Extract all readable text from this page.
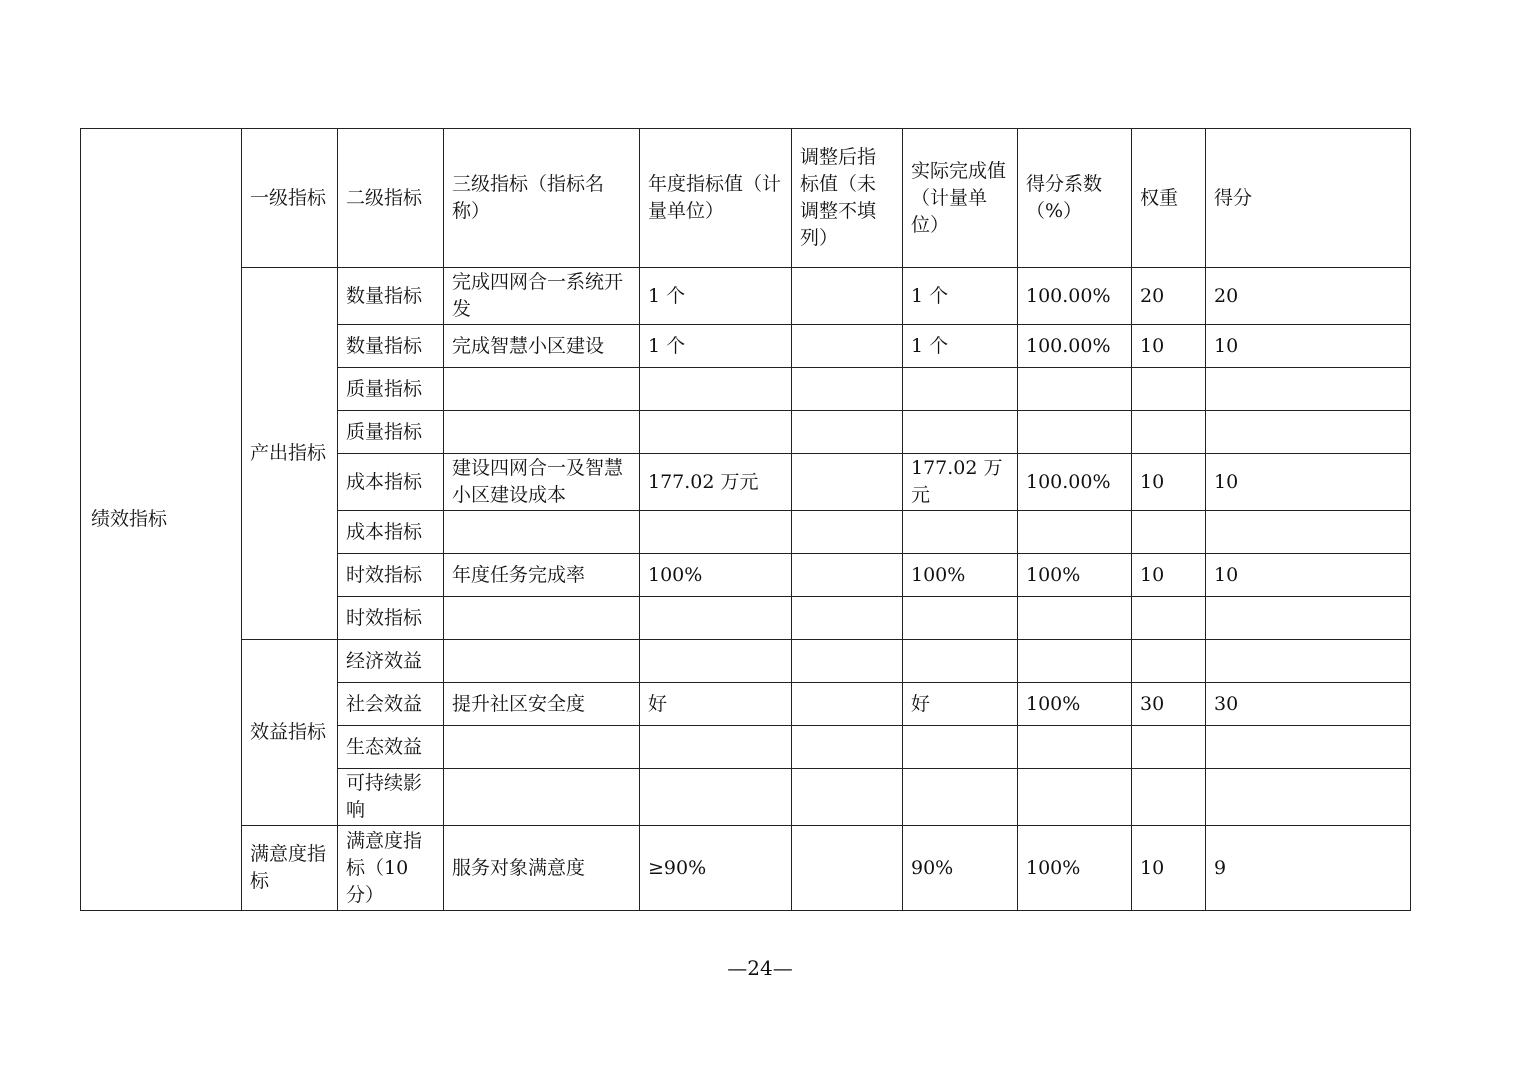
绩效指标	一级指标	二级指标	三级指标（指标名称）	年度指标值（计量单位）	调整后指标值（未调整不填列）	实际完成值（计量单位）	得分系数（%）	权重	得分
	产出指标	数量指标	完成四网合一系统开发	1 个		1 个	100.00%	20	20
		数量指标	完成智慧小区建设	1 个		1 个	100.00%	10	10
		质量指标							
		质量指标							
		成本指标	建设四网合一及智慧小区建设成本	177.02 万元		177.02 万元	100.00%	10	10
		成本指标							
		时效指标	年度任务完成率	100%		100%	100%	10	10
		时效指标							
	效益指标	经济效益							
		社会效益	提升社区安全度	好		好	100%	30	30
		生态效益							
		可持续影响							
	满意度指标	满意度指标（10分）	服务对象满意度	≥90%		90%	100%	10	9
—24—
